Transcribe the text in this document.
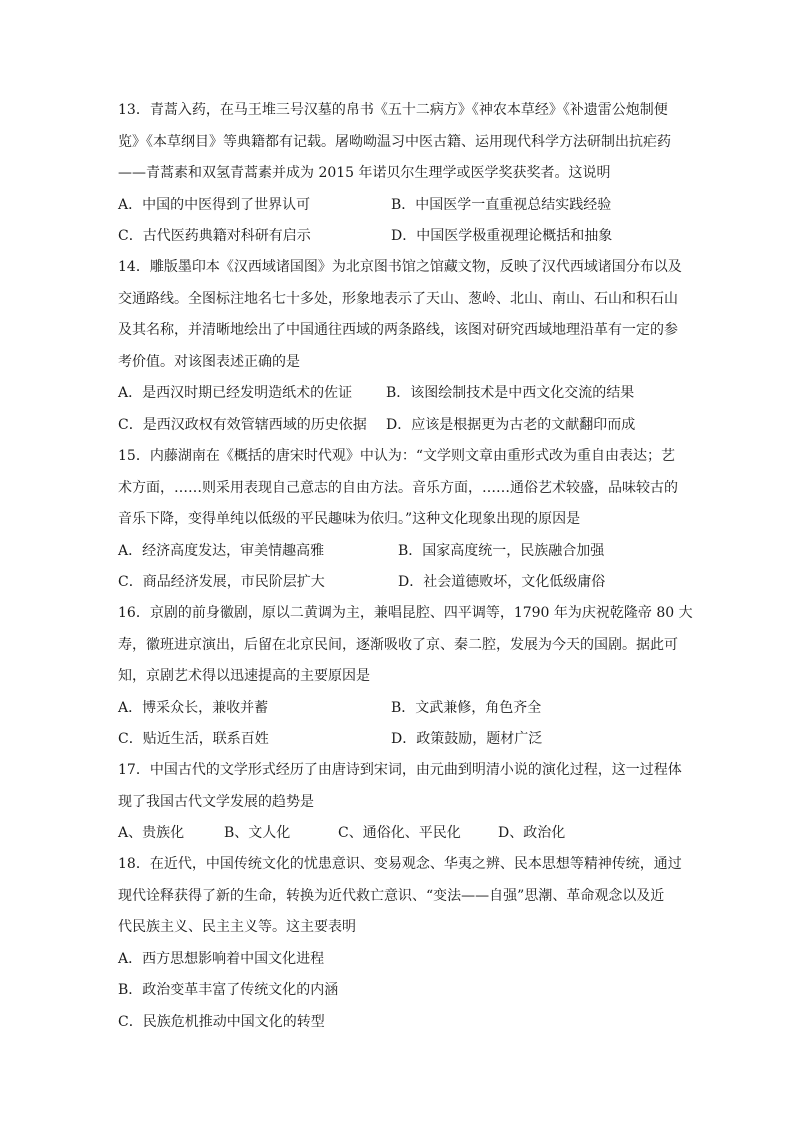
13．青蒿入药，在马王堆三号汉墓的帛书《五十二病方》《神农本草经》《补遗雷公炮制便
览》《本草纲目》等典籍都有记载。屠呦呦温习中医古籍、运用现代科学方法研制出抗疟药
——青蒿素和双氢青蒿素并成为 2015 年诺贝尔生理学或医学奖获奖者。这说明
A．中国的中医得到了世界认可	B．中国医学一直重视总结实践经验
C．古代医药典籍对科研有启示	D．中国医学极重视理论概括和抽象
14．雕版墨印本《汉西域诸国图》为北京图书馆之馆藏文物，反映了汉代西域诸国分布以及
交通路线。全图标注地名七十多处，形象地表示了天山、葱岭、北山、南山、石山和积石山
及其名称，并清晰地绘出了中国通往西域的两条路线，该图对研究西域地理沿革有一定的参
考价值。对该图表述正确的是
A．是西汉时期已经发明造纸术的佐证 B．该图绘制技术是中西文化交流的结果
C．是西汉政权有效管辖西域的历史依据 D．应该是根据更为古老的文献翻印而成
15．内藤湖南在《概括的唐宋时代观》中认为：“文学则文章由重形式改为重自由表达；艺
术方面，……则采用表现自己意志的自由方法。音乐方面，……通俗艺术较盛，品味较古的
音乐下降，变得单纯以低级的平民趣味为依归。”这种文化现象出现的原因是
A．经济高度发达，审美情趣高雅	B．国家高度统一，民族融合加强
C．商品经济发展，市民阶层扩大	D．社会道德败坏，文化低级庸俗
16．京剧的前身徽剧，原以二黄调为主，兼唱昆腔、四平调等，1790 年为庆祝乾隆帝 80 大
寿，徽班进京演出，后留在北京民间，逐渐吸收了京、秦二腔，发展为今天的国剧。据此可
知，京剧艺术得以迅速提高的主要原因是
A．博采众长，兼收并蓄	B．文武兼修，角色齐全
C．贴近生活，联系百姓	D．政策鼓励，题材广泛
17．中国古代的文学形式经历了由唐诗到宋词，由元曲到明清小说的演化过程，这一过程体
现了我国古代文学发展的趋势是
A、贵族化	B、文人化	C、通俗化、平民化	D、政治化
18．在近代，中国传统文化的忧患意识、变易观念、华夷之辨、民本思想等精神传统，通过
现代诠释获得了新的生命，转换为近代救亡意识、“变法——自强”思潮、革命观念以及近
代民族主义、民主主义等。这主要表明
A．西方思想影响着中国文化进程
B．政治变革丰富了传统文化的内涵
C．民族危机推动中国文化的转型
